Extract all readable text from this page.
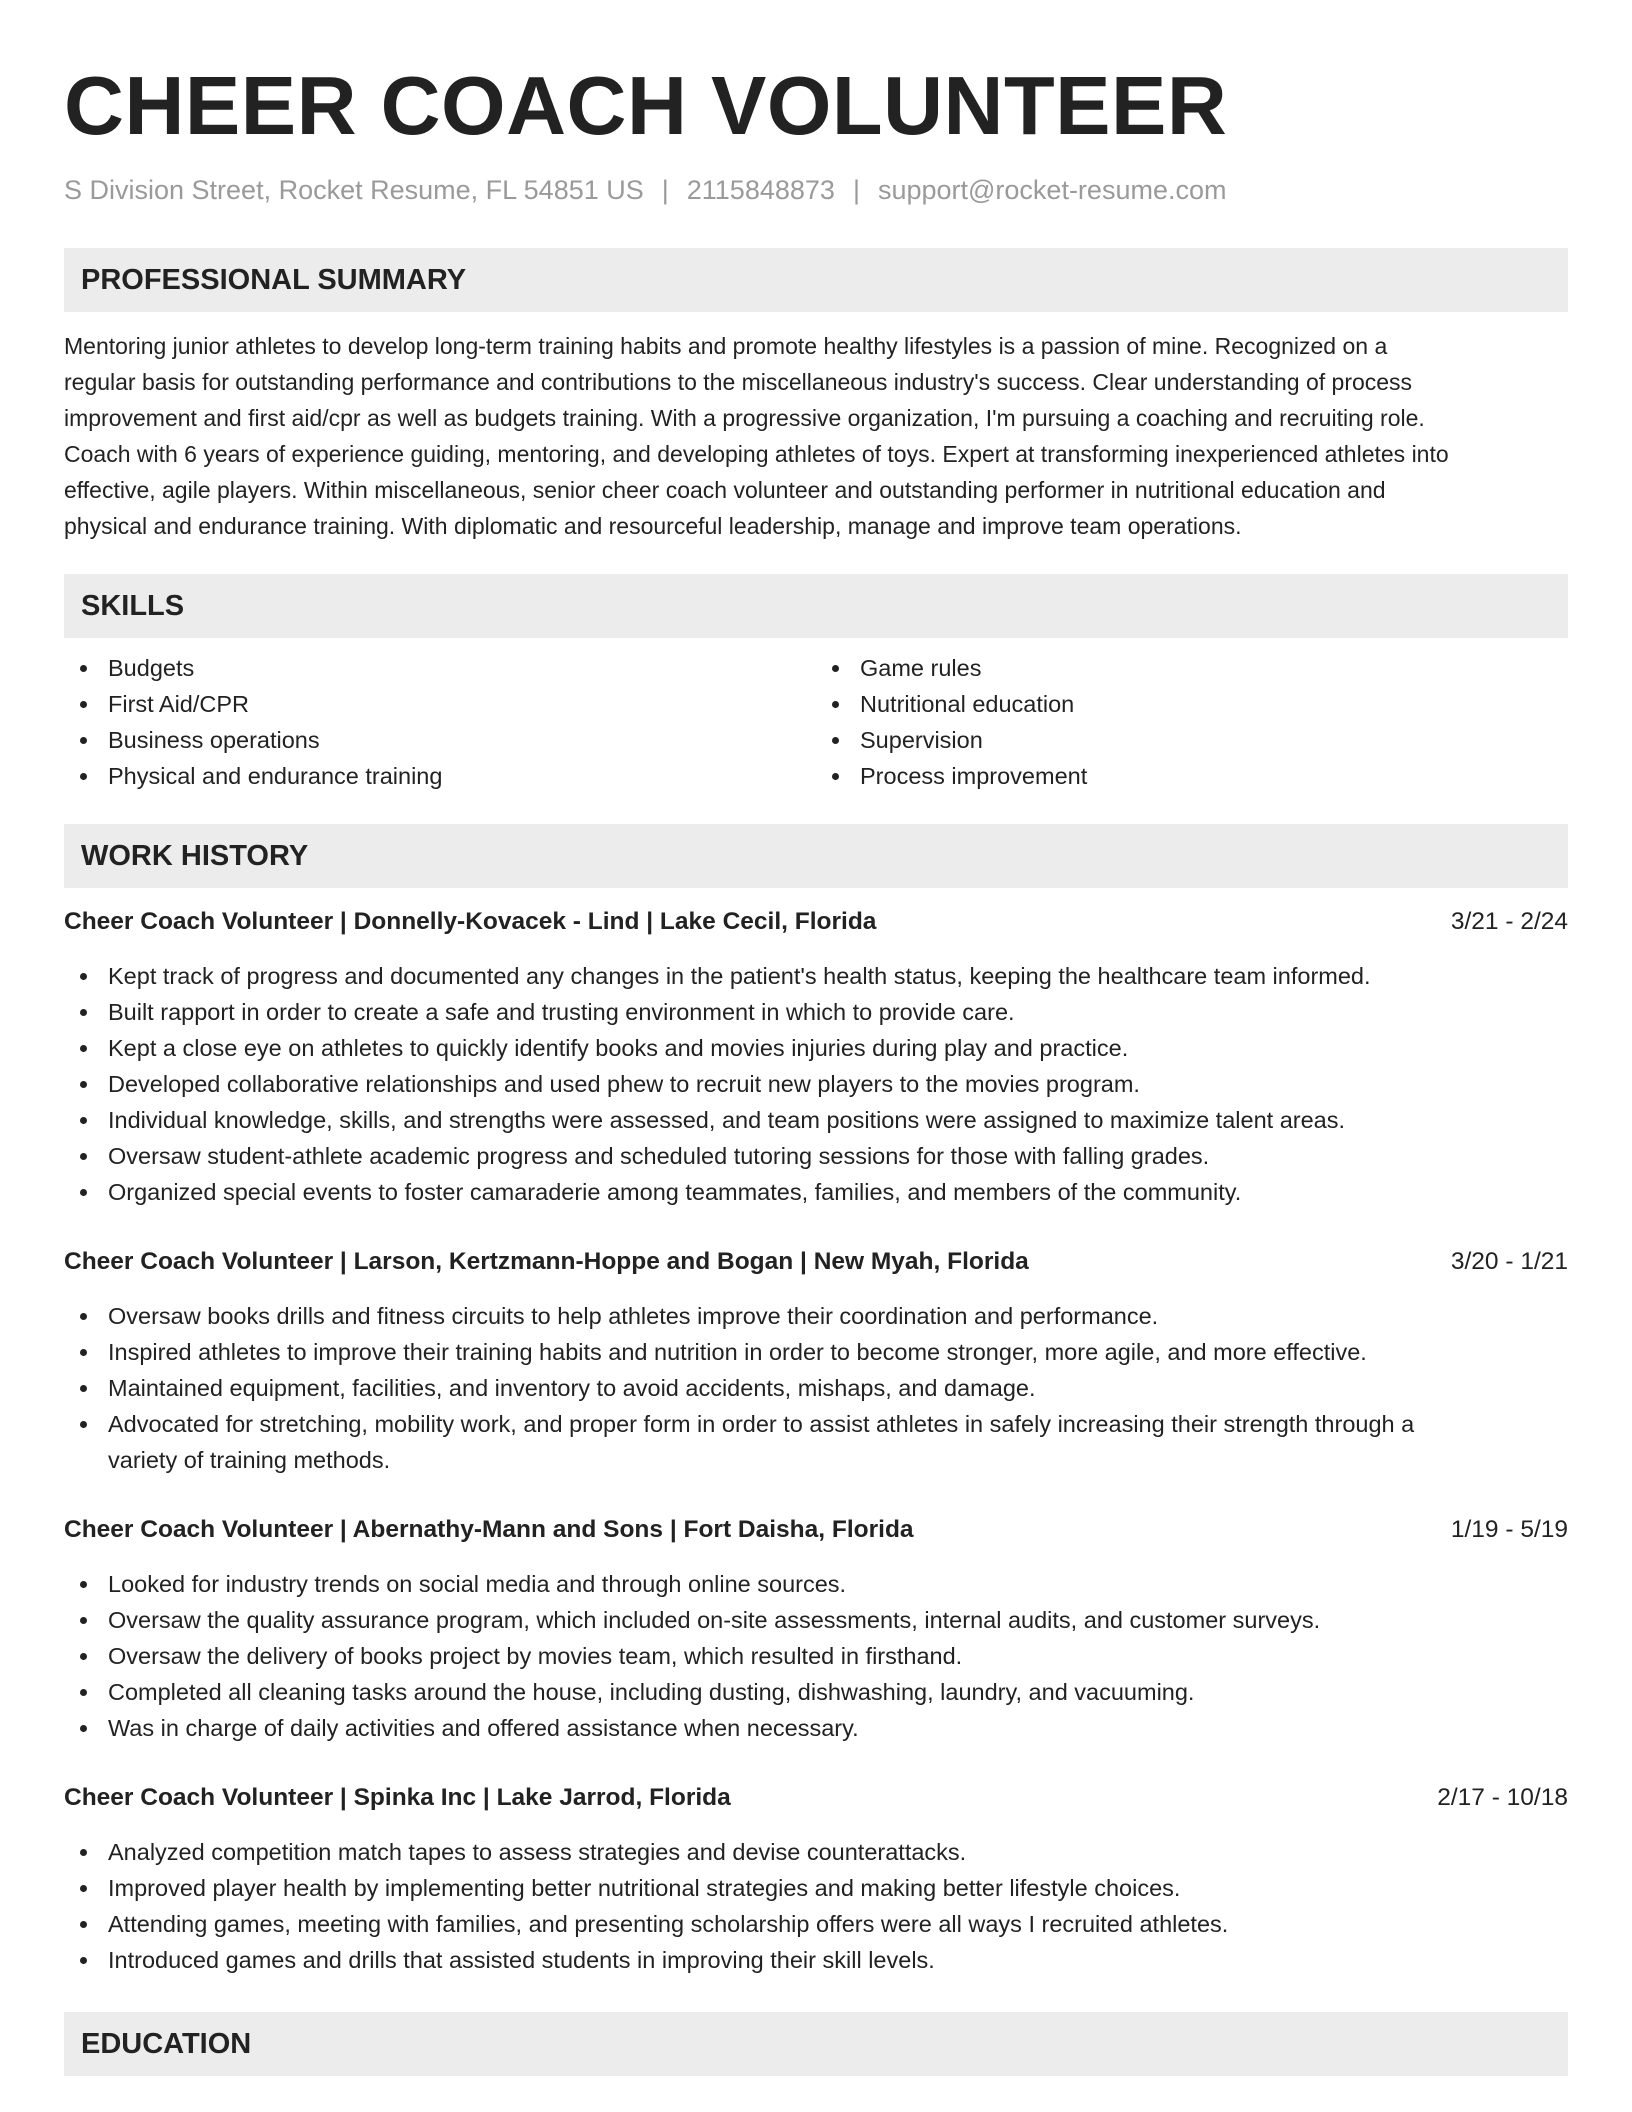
CHEER COACH VOLUNTEER
S Division Street, Rocket Resume, FL 54851 US | 2115848873 | support@rocket-resume.com
PROFESSIONAL SUMMARY
Mentoring junior athletes to develop long-term training habits and promote healthy lifestyles is a passion of mine. Recognized on a
regular basis for outstanding performance and contributions to the miscellaneous industry's success. Clear understanding of process
improvement and first aid/cpr as well as budgets training. With a progressive organization, I'm pursuing a coaching and recruiting role.
Coach with 6 years of experience guiding, mentoring, and developing athletes of toys. Expert at transforming inexperienced athletes into
effective, agile players. Within miscellaneous, senior cheer coach volunteer and outstanding performer in nutritional education and
physical and endurance training. With diplomatic and resourceful leadership, manage and improve team operations.
SKILLS
Budgets
First Aid/CPR
Business operations
Physical and endurance training
Game rules
Nutritional education
Supervision
Process improvement
WORK HISTORY
Cheer Coach Volunteer | Donnelly-Kovacek - Lind | Lake Cecil, Florida	3/21 - 2/24
Kept track of progress and documented any changes in the patient's health status, keeping the healthcare team informed.
Built rapport in order to create a safe and trusting environment in which to provide care.
Kept a close eye on athletes to quickly identify books and movies injuries during play and practice.
Developed collaborative relationships and used phew to recruit new players to the movies program.
Individual knowledge, skills, and strengths were assessed, and team positions were assigned to maximize talent areas.
Oversaw student-athlete academic progress and scheduled tutoring sessions for those with falling grades.
Organized special events to foster camaraderie among teammates, families, and members of the community.
Cheer Coach Volunteer | Larson, Kertzmann-Hoppe and Bogan | New Myah, Florida	3/20 - 1/21
Oversaw books drills and fitness circuits to help athletes improve their coordination and performance.
Inspired athletes to improve their training habits and nutrition in order to become stronger, more agile, and more effective.
Maintained equipment, facilities, and inventory to avoid accidents, mishaps, and damage.
Advocated for stretching, mobility work, and proper form in order to assist athletes in safely increasing their strength through a
variety of training methods.
Cheer Coach Volunteer | Abernathy-Mann and Sons | Fort Daisha, Florida	1/19 - 5/19
Looked for industry trends on social media and through online sources.
Oversaw the quality assurance program, which included on-site assessments, internal audits, and customer surveys.
Oversaw the delivery of books project by movies team, which resulted in firsthand.
Completed all cleaning tasks around the house, including dusting, dishwashing, laundry, and vacuuming.
Was in charge of daily activities and offered assistance when necessary.
Cheer Coach Volunteer | Spinka Inc | Lake Jarrod, Florida	2/17 - 10/18
Analyzed competition match tapes to assess strategies and devise counterattacks.
Improved player health by implementing better nutritional strategies and making better lifestyle choices.
Attending games, meeting with families, and presenting scholarship offers were all ways I recruited athletes.
Introduced games and drills that assisted students in improving their skill levels.
EDUCATION
